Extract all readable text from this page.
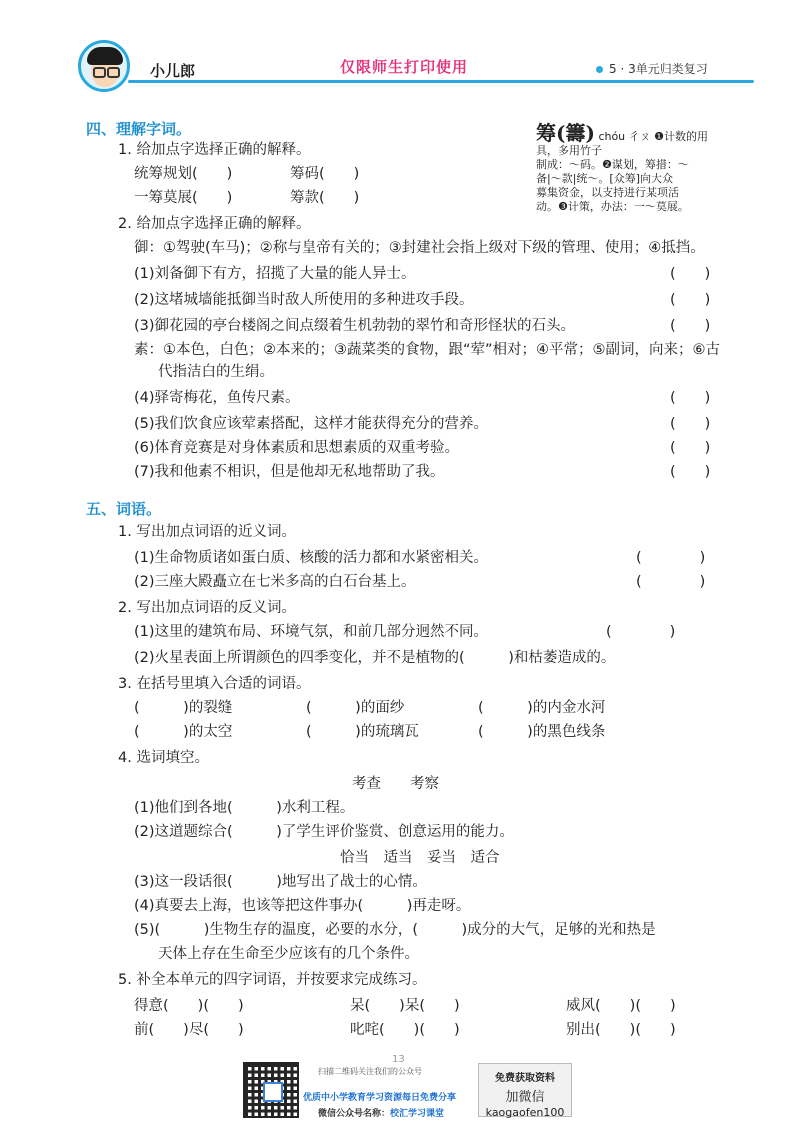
小儿郎	仅限师生打印使用	5 · 3单元归类复习
筹(籌) chóu 彳ㄡ ❶计数的用具，多用竹子
制成：～码。❷谋划，筹措：～
备|～款|统～。[众筹]向大众
募集资金，以支持进行某项活
动。❸计策，办法：一～莫展。
四、理解字词。
1. 给加点字选择正确的解释。
统筹规划(　　)	筹码(　　)
一筹莫展(　　)	筹款(　　)
2. 给加点字选择正确的解释。
御：①驾驶(车马)；②称与皇帝有关的；③封建社会指上级对下级的管理、使用；④抵挡。
(1)刘备御下有方，招揽了大量的能人异士。	(　　)
(2)这堵城墙能抵御当时敌人所使用的多种进攻手段。	(　　)
(3)御花园的亭台楼阁之间点缀着生机勃勃的翠竹和奇形怪状的石头。	(　　)
素：①本色，白色；②本来的；③蔬菜类的食物，跟“荤”相对；④平常；⑤副词，向来；⑥古
代指洁白的生绢。
(4)驿寄梅花，鱼传尺素。	(　　)
(5)我们饮食应该荤素搭配，这样才能获得充分的营养。	(　　)
(6)体育竞赛是对身体素质和思想素质的双重考验。	(　　)
(7)我和他素不相识，但是他却无私地帮助了我。	(　　)
五、词语。
1. 写出加点词语的近义词。
(1)生命物质诸如蛋白质、核酸的活力都和水紧密相关。	(　　　　)
(2)三座大殿矗立在七米多高的白石台基上。	(　　　　)
2. 写出加点词语的反义词。
(1)这里的建筑布局、环境气氛，和前几部分迥然不同。	(　　　　)
(2)火星表面上所谓颜色的四季变化，并不是植物的(　　　)和枯萎造成的。
3. 在括号里填入合适的词语。
(　　　)的裂缝	(　　　)的面纱	(　　　)的内金水河
(　　　)的太空	(　　　)的琉璃瓦	(　　　)的黑色线条
4. 选词填空。
考查　　考察
(1)他们到各地(　　　)水利工程。
(2)这道题综合(　　　)了学生评价鉴赏、创意运用的能力。
恰当　适当　妥当　适合
(3)这一段话很(　　　)地写出了战士的心情。
(4)真要去上海，也该等把这件事办(　　　)再走呀。
(5)(　　　)生物生存的温度，必要的水分，(　　　)成分的大气，足够的光和热是
天体上存在生命至少应该有的几个条件。
5. 补全本单元的四字词语，并按要求完成练习。
得意(　　)(　　)	呆(　　)呆(　　)	威风(　　)(　　)
前(　　)尽(　　)	叱咤(　　)(　　)	别出(　　)(　　)
13
扫描二维码关注我们的公众号
优质中小学教育学习资源每日免费分享
微信公众号名称：校汇学习课堂
免费获取资料
加微信
kaogaofen100
